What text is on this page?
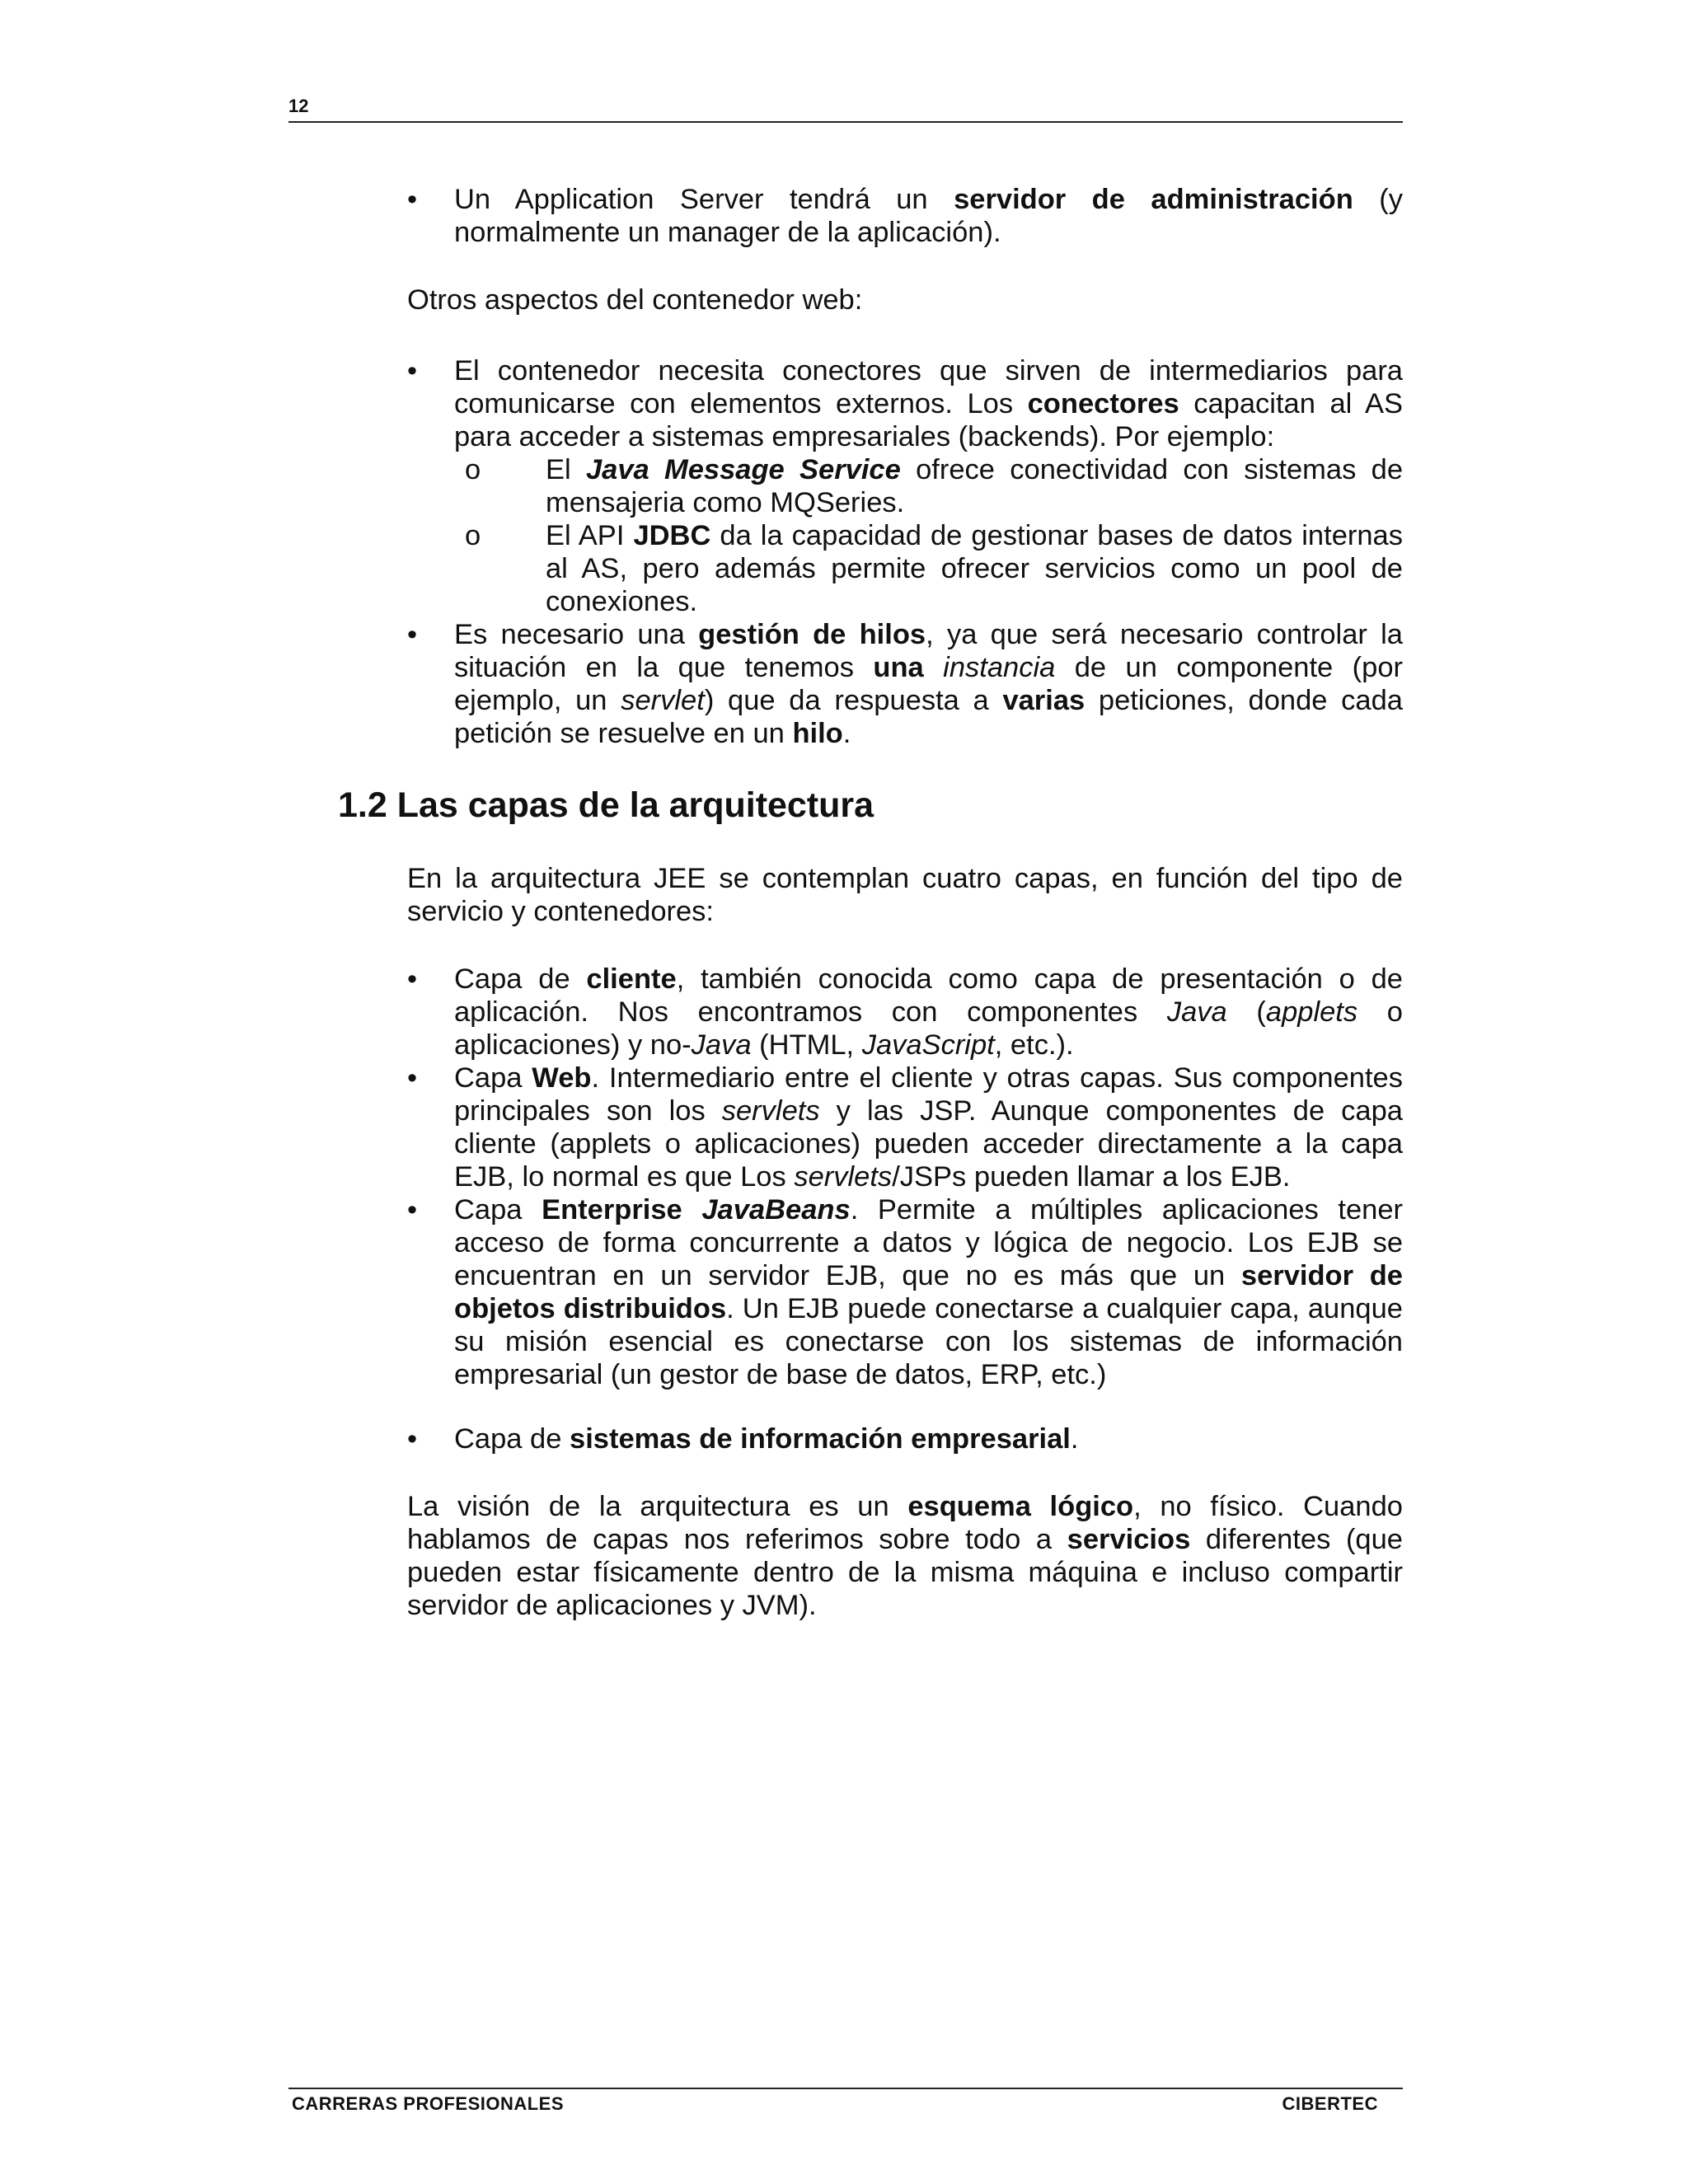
12
•	Un Application Server tendrá un servidor de administración (y normalmente un manager de la aplicación).
Otros aspectos del contenedor web:
•	El contenedor necesita conectores que sirven de intermediarios para comunicarse con elementos externos. Los conectores capacitan al AS para acceder a sistemas empresariales (backends). Por ejemplo:
o El Java Message Service ofrece conectividad con sistemas de mensajeria como MQSeries.
o El API JDBC da la capacidad de gestionar bases de datos internas al AS, pero además permite ofrecer servicios como un pool de conexiones.
•	Es necesario una gestión de hilos, ya que será necesario controlar la situación en la que tenemos una instancia de un componente (por ejemplo, un servlet) que da respuesta a varias peticiones, donde cada petición se resuelve en un hilo.
1.2 Las capas de la arquitectura
En la arquitectura JEE se contemplan cuatro capas, en función del tipo de servicio y contenedores:
•	Capa de cliente, también conocida como capa de presentación o de aplicación. Nos encontramos con componentes Java (applets o aplicaciones) y no-Java (HTML, JavaScript, etc.).
•	Capa Web. Intermediario entre el cliente y otras capas. Sus componentes principales son los servlets y las JSP. Aunque componentes de capa cliente (applets o aplicaciones) pueden acceder directamente a la capa EJB, lo normal es que Los servlets/JSPs pueden llamar a los EJB.
•	Capa Enterprise JavaBeans. Permite a múltiples aplicaciones tener acceso de forma concurrente a datos y lógica de negocio. Los EJB se encuentran en un servidor EJB, que no es más que un servidor de objetos distribuidos. Un EJB puede conectarse a cualquier capa, aunque su misión esencial es conectarse con los sistemas de información empresarial (un gestor de base de datos, ERP, etc.)
•	Capa de sistemas de información empresarial.
La visión de la arquitectura es un esquema lógico, no físico. Cuando hablamos de capas nos referimos sobre todo a servicios diferentes (que pueden estar físicamente dentro de la misma máquina e incluso compartir servidor de aplicaciones y JVM).
CARRERAS PROFESIONALES	CIBERTEC
